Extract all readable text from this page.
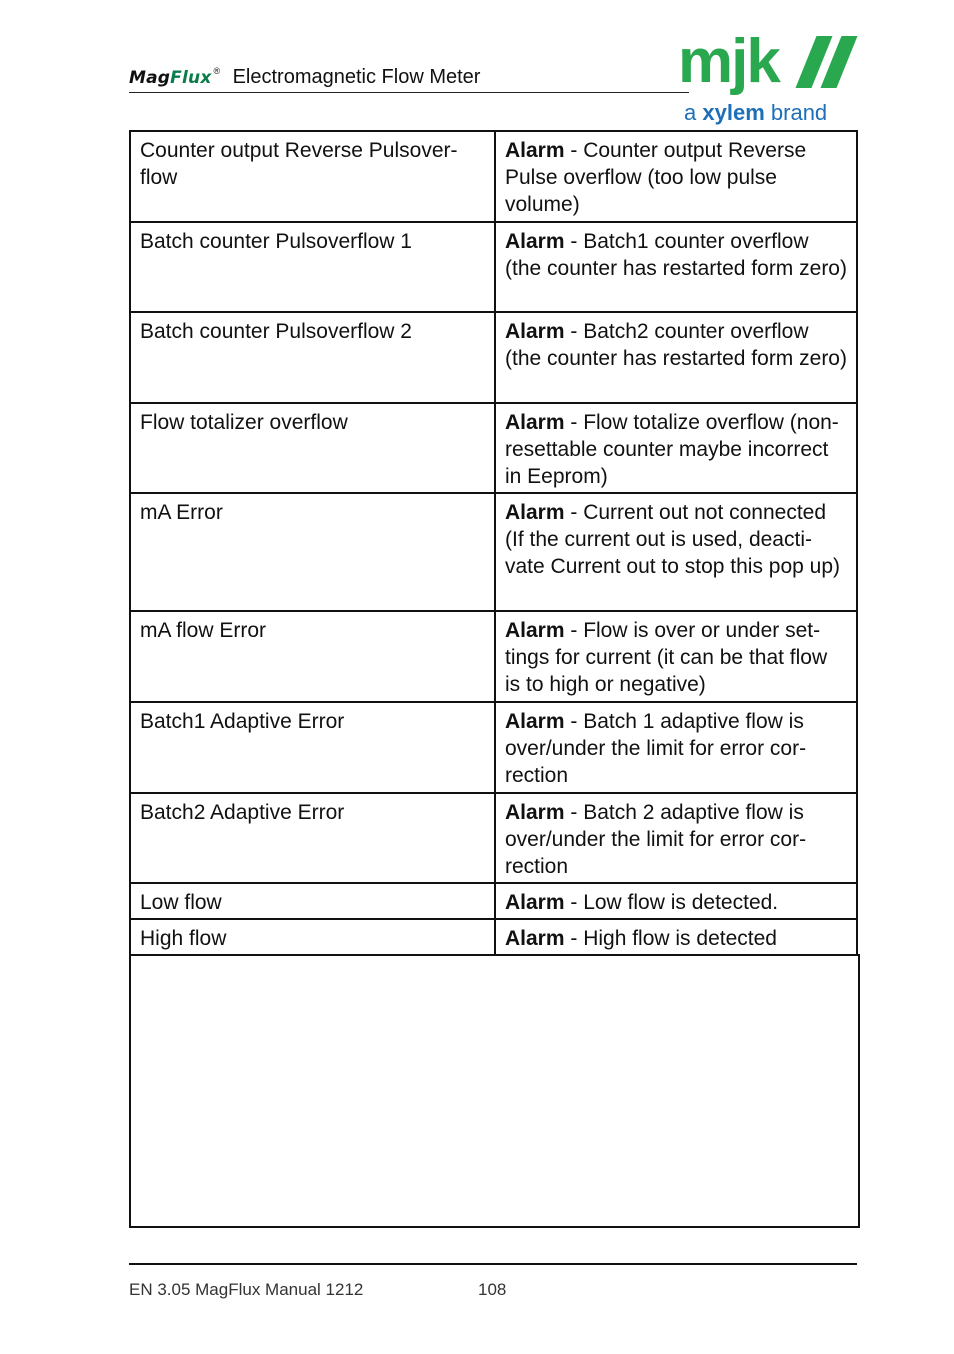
MagFlux ® Electromagnetic Flow Meter	mjk
a xylem brand
Counter output Reverse Pulsover-flow	Alarm - Counter output Reverse Pulse overflow (too low pulse volume)
Batch counter Pulsoverflow 1	Alarm - Batch1 counter overflow (the counter has restarted form zero)
Batch counter Pulsoverflow 2	Alarm - Batch2 counter overflow (the counter has restarted form zero)
Flow totalizer overflow	Alarm - Flow totalize overflow (non-resettable counter maybe incorrect in Eeprom)
mA Error	Alarm - Current out not connected (If the current out is used, deacti-vate Current out to stop this pop up)
mA flow Error	Alarm - Flow is over or under set-tings for current (it can be that flow is to high or negative)
Batch1 Adaptive Error	Alarm - Batch 1 adaptive flow is over/under the limit for error cor-rection
Batch2 Adaptive Error	Alarm - Batch 2 adaptive flow is over/under the limit for error cor-rection
Low flow	Alarm - Low flow is detected.
High flow	Alarm - High flow is detected
EN 3.05 MagFlux Manual 1212	108
